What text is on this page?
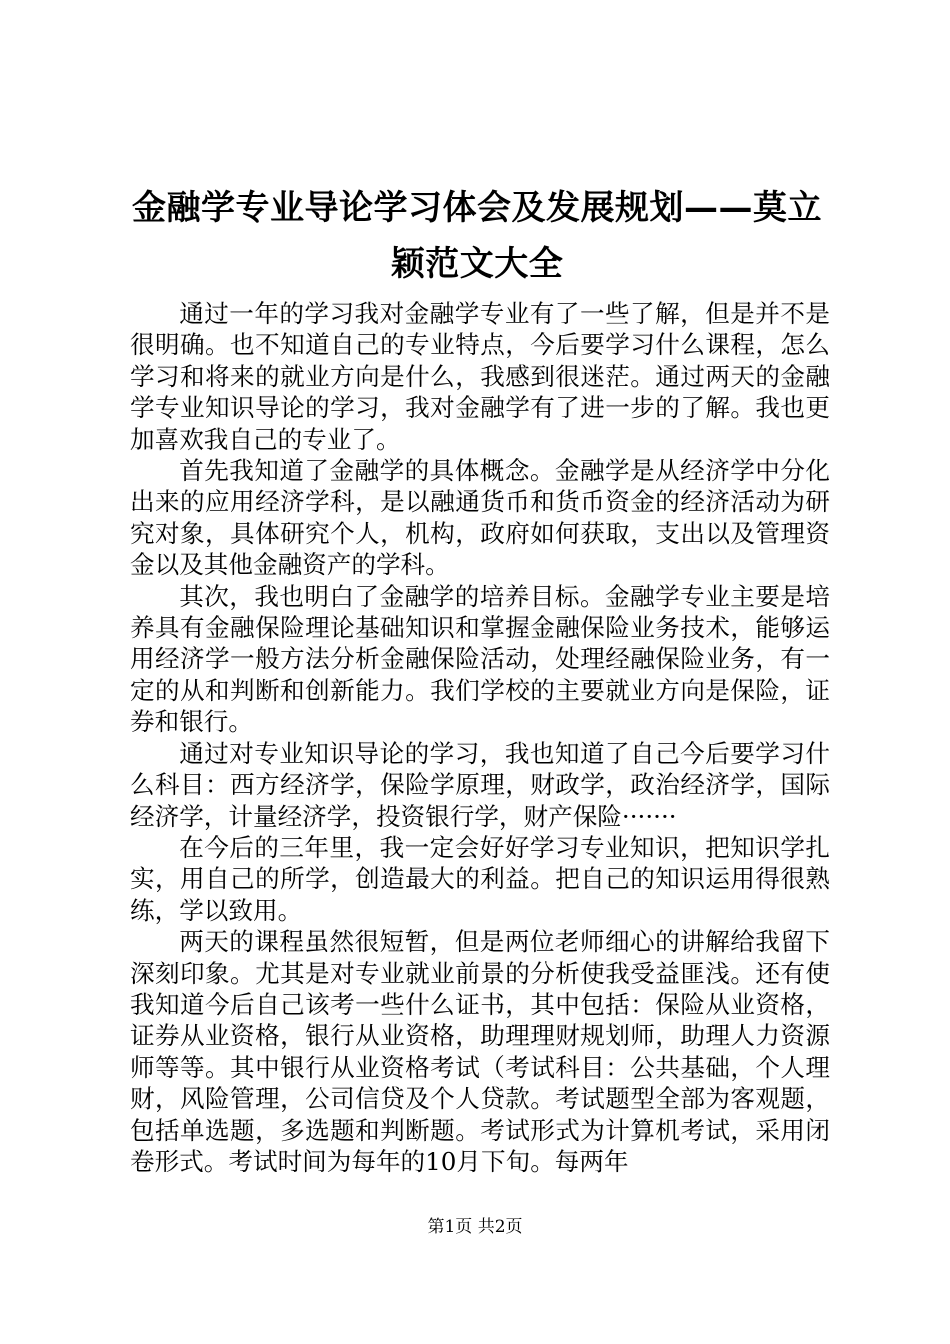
金融学专业导论学习体会及发展规划——莫立颖范文大全

通过一年的学习我对金融学专业有了一些了解，但是并不是很明确。也不知道自己的专业特点，今后要学习什么课程，怎么学习和将来的就业方向是什么，我感到很迷茫。通过两天的金融学专业知识导论的学习，我对金融学有了进一步的了解。我也更加喜欢我自己的专业了。

首先我知道了金融学的具体概念。金融学是从经济学中分化出来的应用经济学科，是以融通货币和货币资金的经济活动为研究对象，具体研究个人，机构，政府如何获取，支出以及管理资金以及其他金融资产的学科。

其次，我也明白了金融学的培养目标。金融学专业主要是培养具有金融保险理论基础知识和掌握金融保险业务技术，能够运用经济学一般方法分析金融保险活动，处理经融保险业务，有一定的从和判断和创新能力。我们学校的主要就业方向是保险，证券和银行。

通过对专业知识导论的学习，我也知道了自己今后要学习什么科目：西方经济学，保险学原理，财政学，政治经济学，国际经济学，计量经济学，投资银行学，财产保险·······

在今后的三年里，我一定会好好学习专业知识，把知识学扎实，用自己的所学，创造最大的利益。把自己的知识运用得很熟练，学以致用。

两天的课程虽然很短暂，但是两位老师细心的讲解给我留下深刻印象。尤其是对专业就业前景的分析使我受益匪浅。还有使我知道今后自己该考一些什么证书，其中包括：保险从业资格，证券从业资格，银行从业资格，助理理财规划师，助理人力资源师等等。其中银行从业资格考试（考试科目：公共基础，个人理财，风险管理，公司信贷及个人贷款。考试题型全部为客观题，包括单选题，多选题和判断题。考试形式为计算机考试，采用闭卷形式。考试时间为每年的10月下旬。每两年

第1页 共2页
